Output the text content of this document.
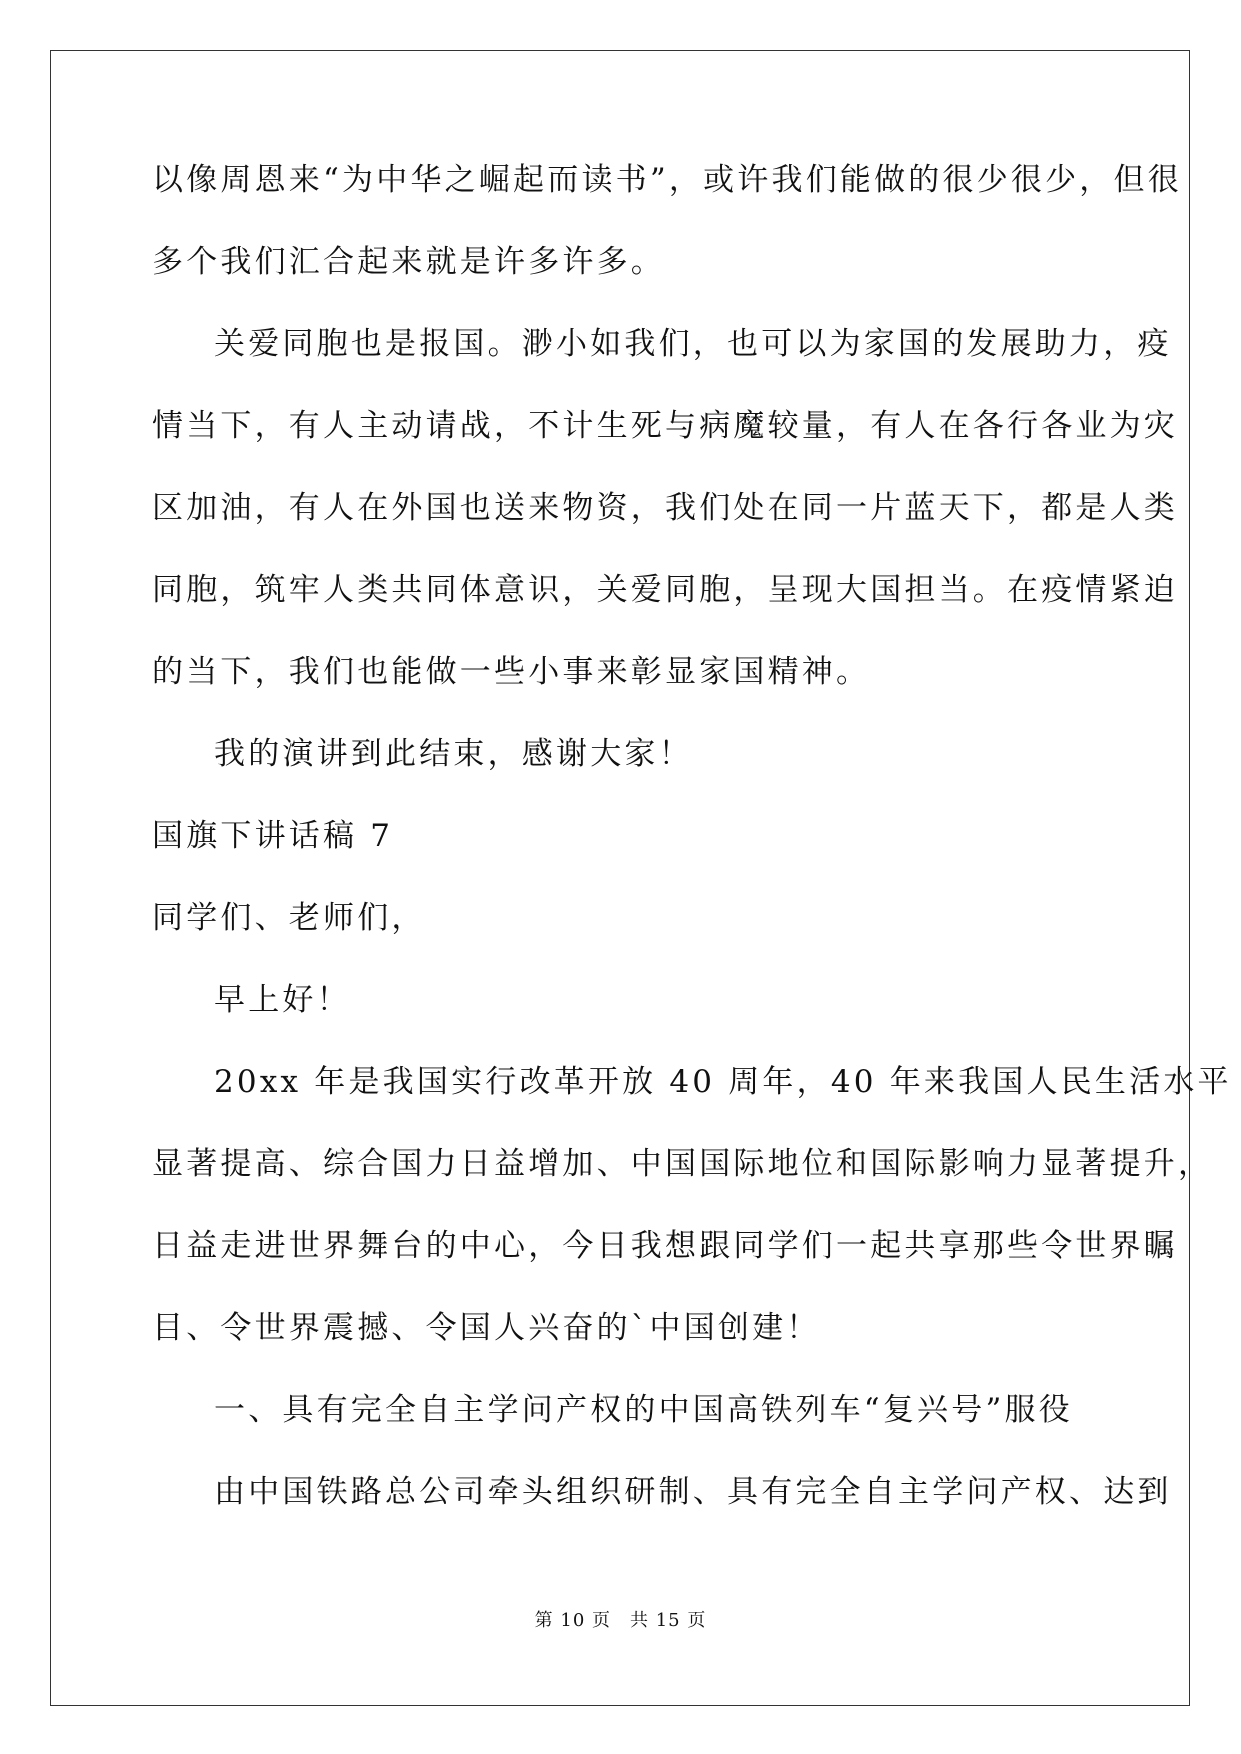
以像周恩来“为中华之崛起而读书”，或许我们能做的很少很少，但很
多个我们汇合起来就是许多许多。
关爱同胞也是报国。渺小如我们，也可以为家国的发展助力，疫
情当下，有人主动请战，不计生死与病魔较量，有人在各行各业为灾
区加油，有人在外国也送来物资，我们处在同一片蓝天下，都是人类
同胞，筑牢人类共同体意识，关爱同胞，呈现大国担当。在疫情紧迫
的当下，我们也能做一些小事来彰显家国精神。
我的演讲到此结束，感谢大家！
国旗下讲话稿 7
同学们、老师们，
早上好！
20xx 年是我国实行改革开放 40 周年，40 年来我国人民生活水平
显著提高、综合国力日益增加、中国国际地位和国际影响力显著提升，
日益走进世界舞台的中心，今日我想跟同学们一起共享那些令世界瞩
目、令世界震撼、令国人兴奋的`中国创建！
一、具有完全自主学问产权的中国高铁列车“复兴号”服役
由中国铁路总公司牵头组织研制、具有完全自主学问产权、达到
第 10 页　共 15 页
